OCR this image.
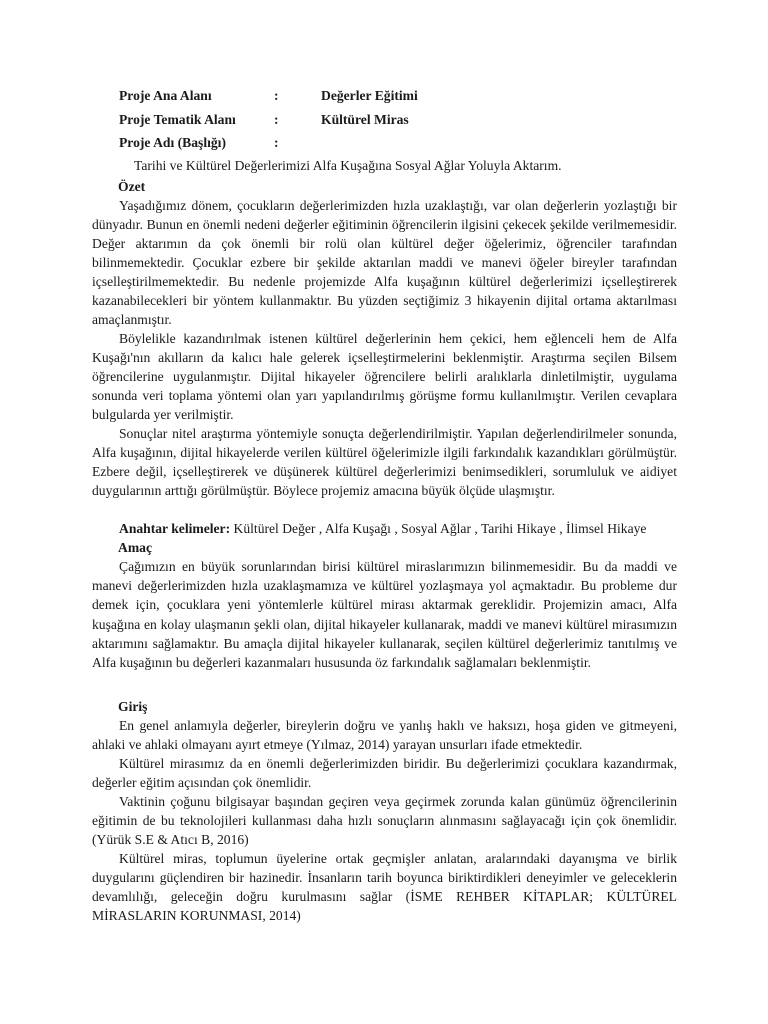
Proje Ana Alanı	:	Değerler Eğitimi
Proje Tematik Alanı	:	Kültürel Miras
Proje Adı (Başlığı)	:
Tarihi ve Kültürel Değerlerimizi Alfa Kuşağına Sosyal Ağlar Yoluyla Aktarım.
Özet

Yaşadığımız dönem, çocukların değerlerimizden hızla uzaklaştığı, var olan değerlerin yozlaştığı bir dünyadır. Bunun en önemli nedeni değerler eğitiminin öğrencilerin ilgisini çekecek şekilde verilmemesidir. Değer aktarımın da çok önemli bir rolü olan kültürel değer öğelerimiz, öğrenciler tarafından bilinmemektedir. Çocuklar ezbere bir şekilde aktarılan maddi ve manevi öğeler bireyler tarafından içselleştirilmemektedir. Bu nedenle projemizde Alfa kuşağının kültürel değerlerimizi içselleştirerek kazanabilecekleri bir yöntem kullanmaktır. Bu yüzden seçtiğimiz 3 hikayenin dijital ortama aktarılması amaçlanmıştır.

Böylelikle kazandırılmak istenen kültürel değerlerinin hem çekici, hem eğlenceli hem de Alfa Kuşağı'nın akılların da kalıcı hale gelerek içselleştirmelerini beklenmiştir. Araştırma seçilen Bilsem öğrencilerine uygulanmıştır. Dijital hikayeler öğrencilere belirli aralıklarla dinletilmiştir, uygulama sonunda veri toplama yöntemi olan yarı yapılandırılmış görüşme formu kullanılmıştır. Verilen cevaplara bulgularda yer verilmiştir.

Sonuçlar nitel araştırma yöntemiyle sonuçta değerlendirilmiştir. Yapılan değerlendirilmeler sonunda, Alfa kuşağının, dijital hikayelerde verilen kültürel öğelerimizle ilgili farkındalık kazandıkları görülmüştür. Ezbere değil, içselleştirerek ve düşünerek kültürel değerlerimizi benimsedikleri, sorumluluk ve aidiyet duygularının arttığı görülmüştür. Böylece projemiz amacına büyük ölçüde ulaşmıştır.

Anahtar kelimeler: Kültürel Değer , Alfa Kuşağı , Sosyal Ağlar , Tarihi Hikaye , İlimsel Hikaye
Amaç

Çağımızın en büyük sorunlarından birisi kültürel miraslarımızın bilinmemesidir. Bu da maddi ve manevi değerlerimizden hızla uzaklaşmamıza ve kültürel yozlaşmaya yol açmaktadır. Bu probleme dur demek için, çocuklara yeni yöntemlerle kültürel mirası aktarmak gereklidir. Projemizin amacı, Alfa kuşağına en kolay ulaşmanın şekli olan, dijital hikayeler kullanarak, maddi ve manevi kültürel mirasımızın aktarımını sağlamaktır. Bu amaçla dijital hikayeler kullanarak, seçilen kültürel değerlerimiz tanıtılmış ve Alfa kuşağının bu değerleri kazanmaları hususunda öz farkındalık sağlamaları beklenmiştir.

Giriş

En genel anlamıyla değerler, bireylerin doğru ve yanlış haklı ve haksızı, hoşa giden ve gitmeyeni, ahlaki ve ahlaki olmayanı ayırt etmeye (Yılmaz, 2014) yarayan unsurları ifade etmektedir.

Kültürel mirasımız da en önemli değerlerimizden biridir. Bu değerlerimizi çocuklara kazandırmak, değerler eğitim açısından çok önemlidir.

Vaktinin çoğunu bilgisayar başından geçiren veya geçirmek zorunda kalan günümüz öğrencilerinin eğitimin de bu teknolojileri kullanması daha hızlı sonuçların alınmasını sağlayacağı için çok önemlidir.(Yürük S.E & Atıcı B, 2016)

Kültürel miras, toplumun üyelerine ortak geçmişler anlatan, aralarındaki dayanışma ve birlik duygularını güçlendiren bir hazinedir. İnsanların tarih boyunca biriktirdikleri deneyimler ve geleceklerin devamlılığı, geleceğin doğru kurulmasını sağlar (İSME REHBER KİTAPLAR; KÜLTÜREL MİRASLARIN KORUNMASI, 2014)
